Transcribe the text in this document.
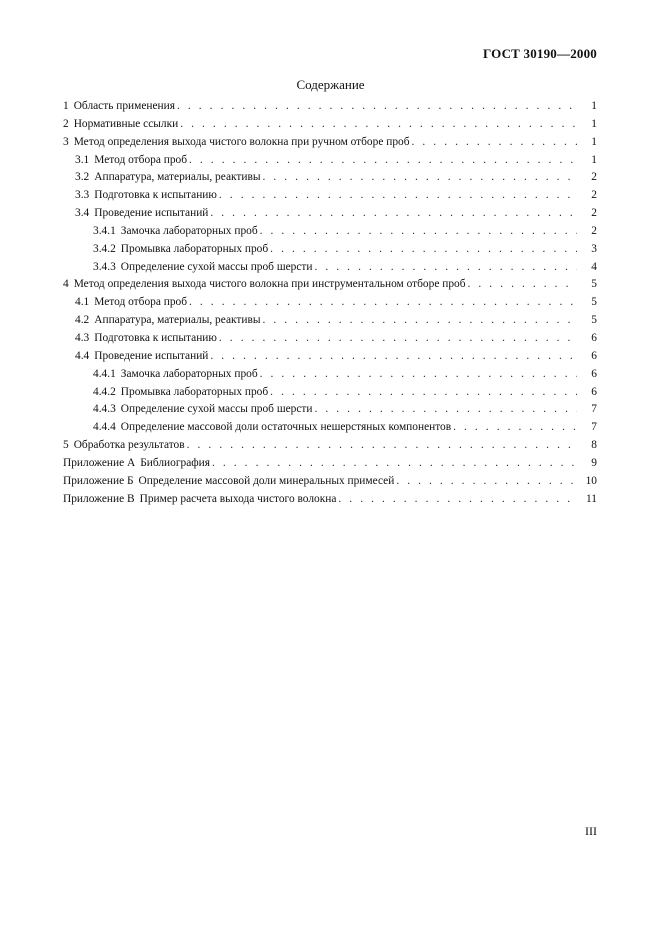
ГОСТ 30190—2000
Содержание
1 Область применения . . .	1
2 Нормативные ссылки . . .	1
3 Метод определения выхода чистого волокна при ручном отборе проб . . .	1
3.1 Метод отбора проб . . .	1
3.2 Аппаратура, материалы, реактивы . . .	2
3.3 Подготовка к испытанию . . .	2
3.4 Проведение испытаний . . .	2
3.4.1 Замочка лабораторных проб . . .	2
3.4.2 Промывка лабораторных проб . . .	3
3.4.3 Определение сухой массы проб шерсти . . .	4
4 Метод определения выхода чистого волокна при инструментальном отборе проб . . .	5
4.1 Метод отбора проб . . .	5
4.2 Аппаратура, материалы, реактивы . . .	5
4.3 Подготовка к испытанию . . .	6
4.4 Проведение испытаний . . .	6
4.4.1 Замочка лабораторных проб . . .	6
4.4.2 Промывка лабораторных проб . . .	6
4.4.3 Определение сухой массы проб шерсти . . .	7
4.4.4 Определение массовой доли остаточных нешерстяных компонентов . . .	7
5 Обработка результатов . . .	8
Приложение А Библиография . . .	9
Приложение Б Определение массовой доли минеральных примесей . . .	10
Приложение В Пример расчета выхода чистого волокна . . .	11
III
